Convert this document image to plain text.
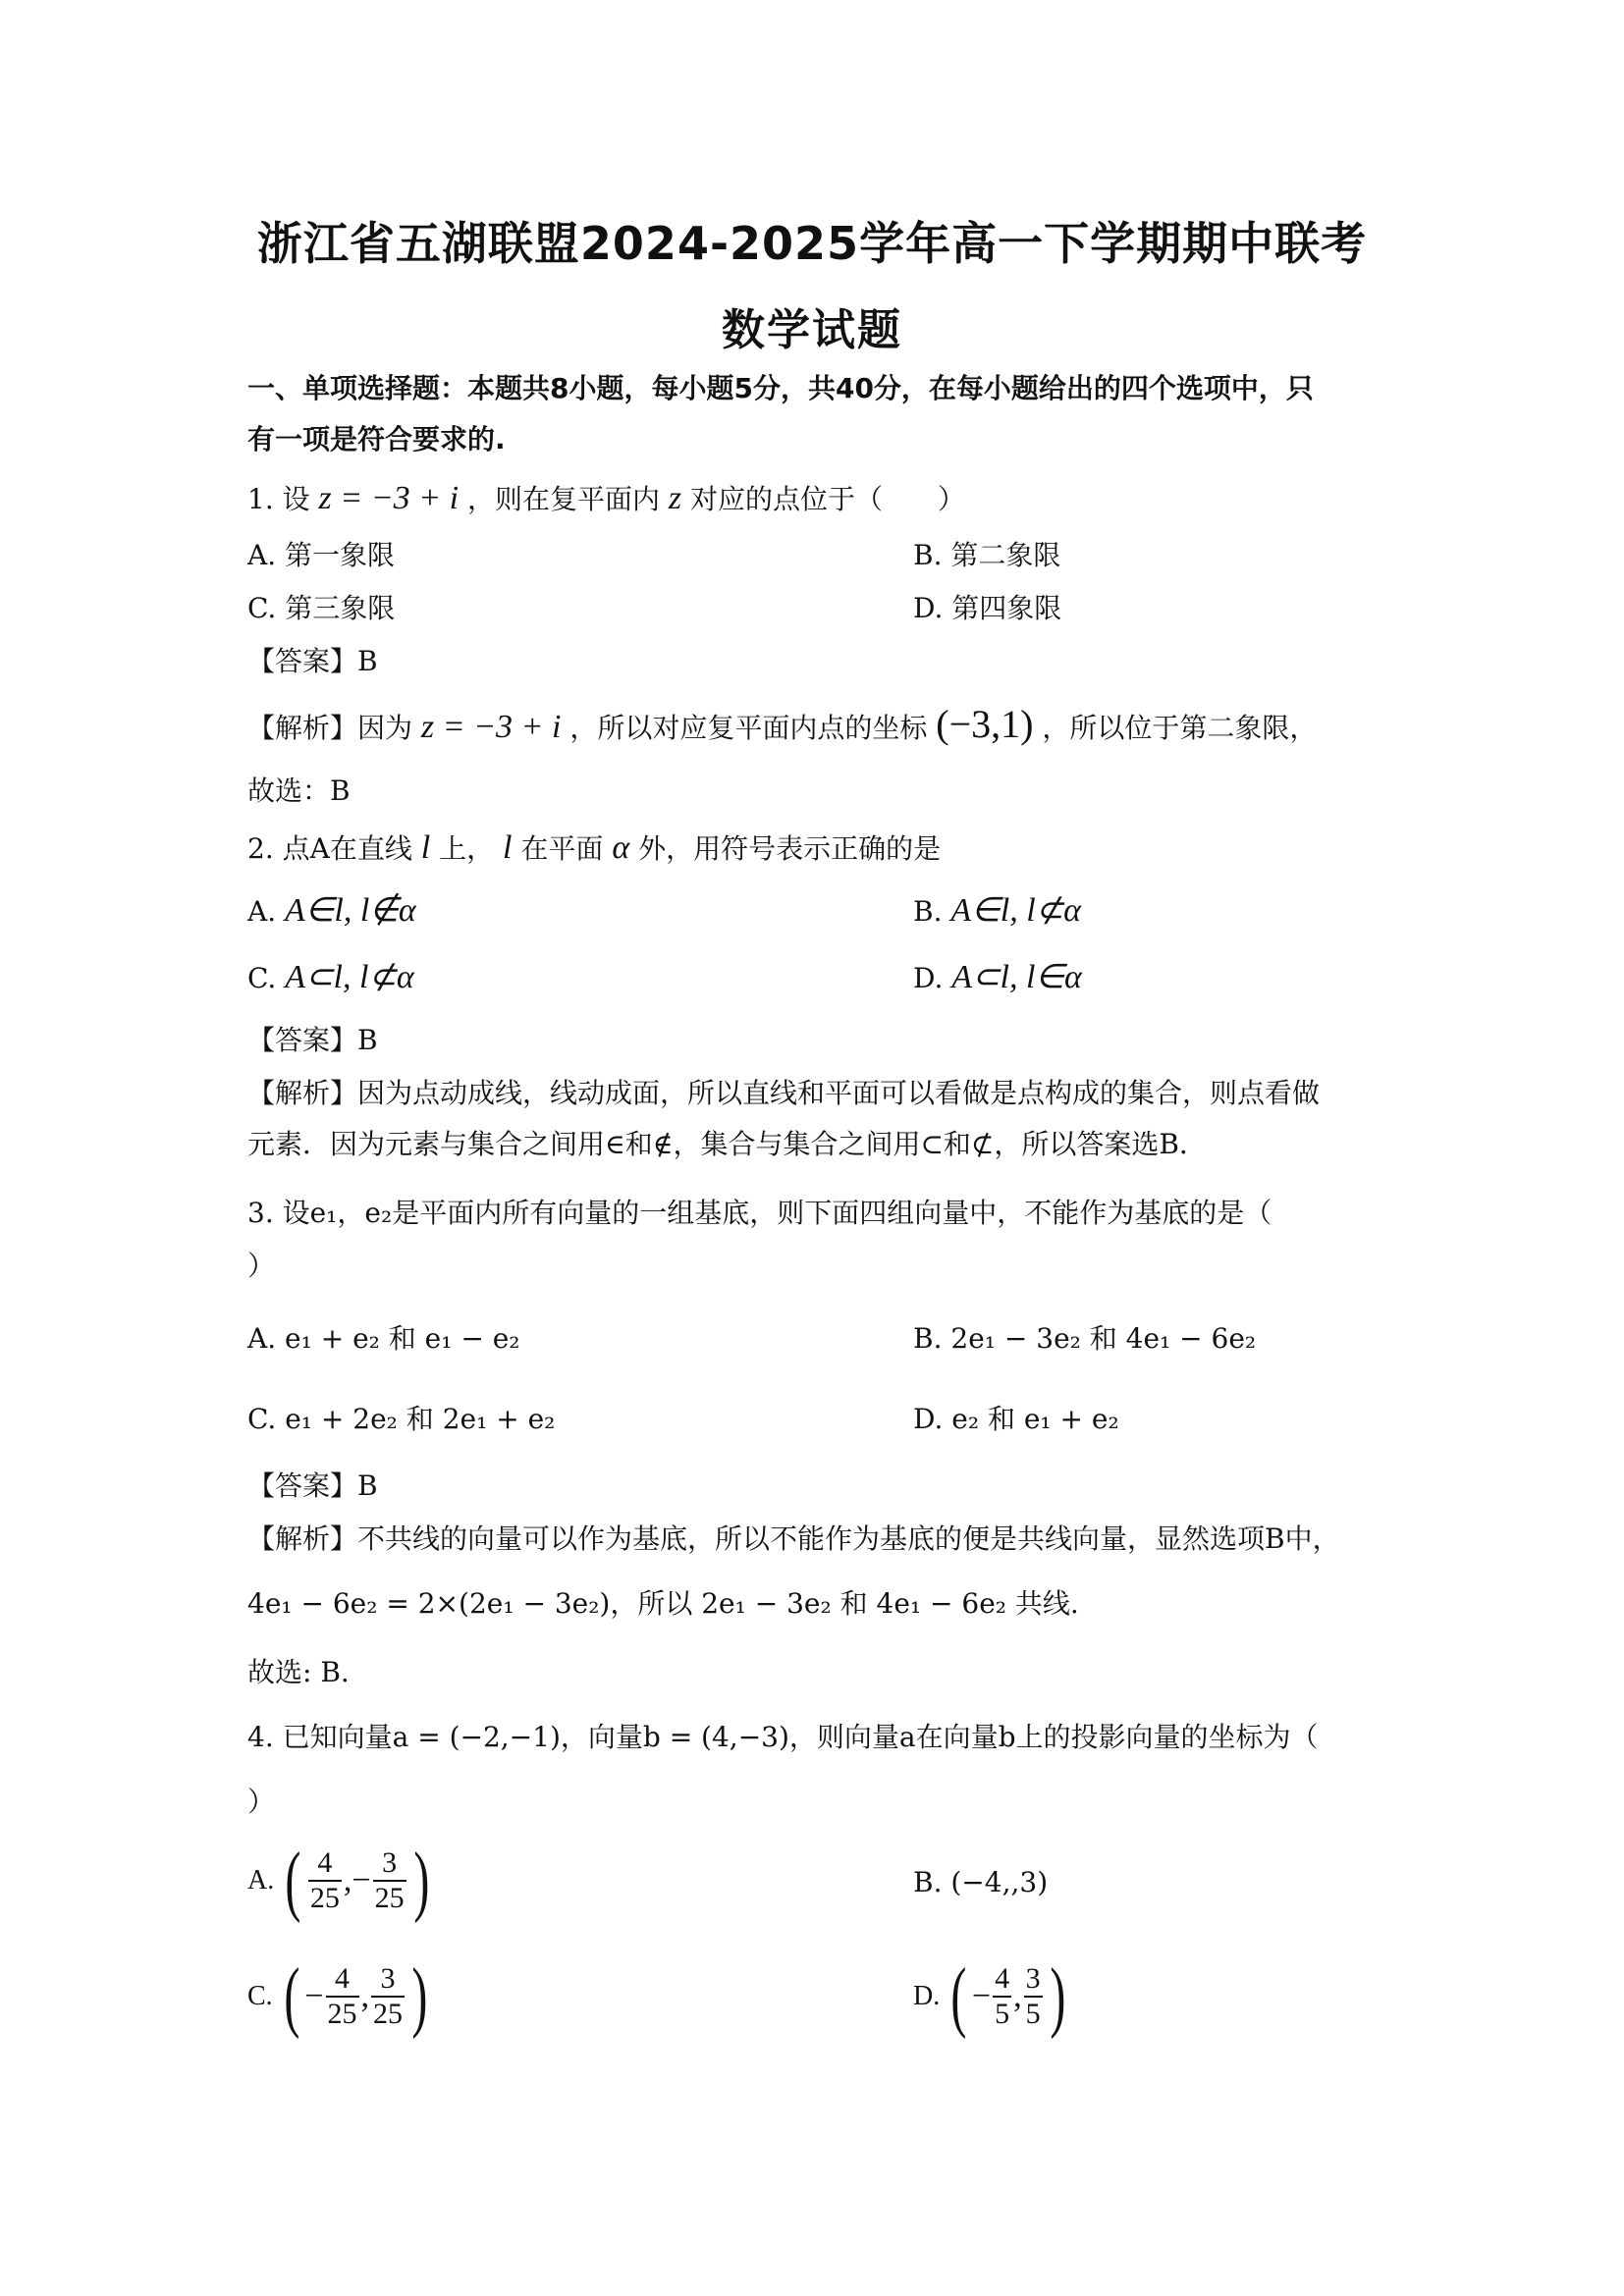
浙江省五湖联盟2024-2025学年高一下学期期中联考
数学试题
一、单项选择题：本题共8小题，每小题5分，共40分，在每小题给出的四个选项中，只
有一项是符合要求的.
1. 设 z = −3 + i ，则在复平面内 z 对应的点位于（　　）
A. 第一象限	B. 第二象限
C. 第三象限	D. 第四象限
【答案】B
【解析】因为 z = −3 + i ，所以对应复平面内点的坐标 (−3,1) ，所以位于第二象限，
故选：B
2. 点A在直线 l 上， l 在平面 α 外，用符号表示正确的是
A. A∈l, l∉α	B. A∈l, l⊄α
C. A⊂l, l⊄α	D. A⊂l, l∈α
【答案】B
【解析】因为点动成线，线动成面，所以直线和平面可以看做是点构成的集合，则点看做
元素．因为元素与集合之间用∈和∉，集合与集合之间用⊂和⊄，所以答案选B．
3. 设e₁，e₂是平面内所有向量的一组基底，则下面四组向量中，不能作为基底的是（
）
A. e₁ + e₂ 和 e₁ − e₂	B. 2e₁ − 3e₂ 和 4e₁ − 6e₂
C. e₁ + 2e₂ 和 2e₁ + e₂	D. e₂ 和 e₁ + e₂
【答案】B
【解析】不共线的向量可以作为基底，所以不能作为基底的便是共线向量，显然选项B中，
4e₁ − 6e₂ = 2×(2e₁ − 3e₂)，所以 2e₁ − 3e₂ 和 4e₁ − 6e₂ 共线.
故选: B.
4. 已知向量a = (−2,−1)，向量b = (4,−3)，则向量a在向量b上的投影向量的坐标为（
）
A. ( $\frac{4}{25}$ , − $\frac{3}{25}$ )	B. (−4,,3)
C. ( − $\frac{4}{25}$ , $\frac{3}{25}$ )	D. ( − $\frac{4}{5}$ , $\frac{3}{5}$ )
